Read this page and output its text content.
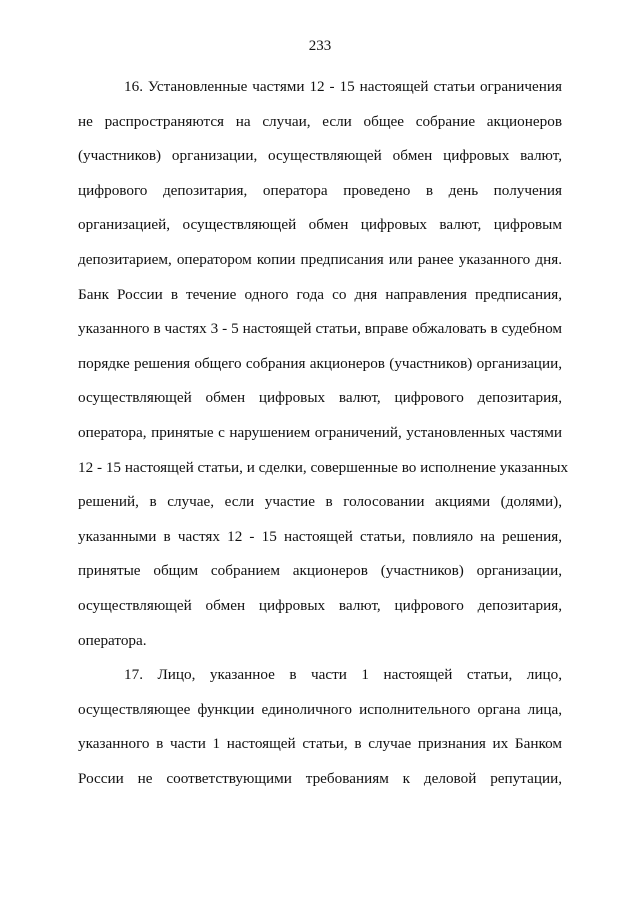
233
16. Установленные частями 12 - 15 настоящей статьи ограничения
не распространяются на случаи, если общее собрание акционеров
(участников) организации, осуществляющей обмен цифровых валют,
цифрового депозитария, оператора проведено в день получения
организацией, осуществляющей обмен цифровых валют, цифровым
депозитарием, оператором копии предписания или ранее указанного дня.
Банк России в течение одного года со дня направления предписания,
указанного в частях 3 - 5 настоящей статьи, вправе обжаловать в судебном
порядке решения общего собрания акционеров (участников) организации,
осуществляющей обмен цифровых валют, цифрового депозитария,
оператора, принятые с нарушением ограничений, установленных частями
12 - 15 настоящей статьи, и сделки, совершенные во исполнение указанных
решений, в случае, если участие в голосовании акциями (долями),
указанными в частях 12 - 15 настоящей статьи, повлияло на решения,
принятые общим собранием акционеров (участников) организации,
осуществляющей обмен цифровых валют, цифрового депозитария,
оператора.
17. Лицо, указанное в части 1 настоящей статьи, лицо,
осуществляющее функции единоличного исполнительного органа лица,
указанного в части 1 настоящей статьи, в случае признания их Банком
России не соответствующими требованиям к деловой репутации,
